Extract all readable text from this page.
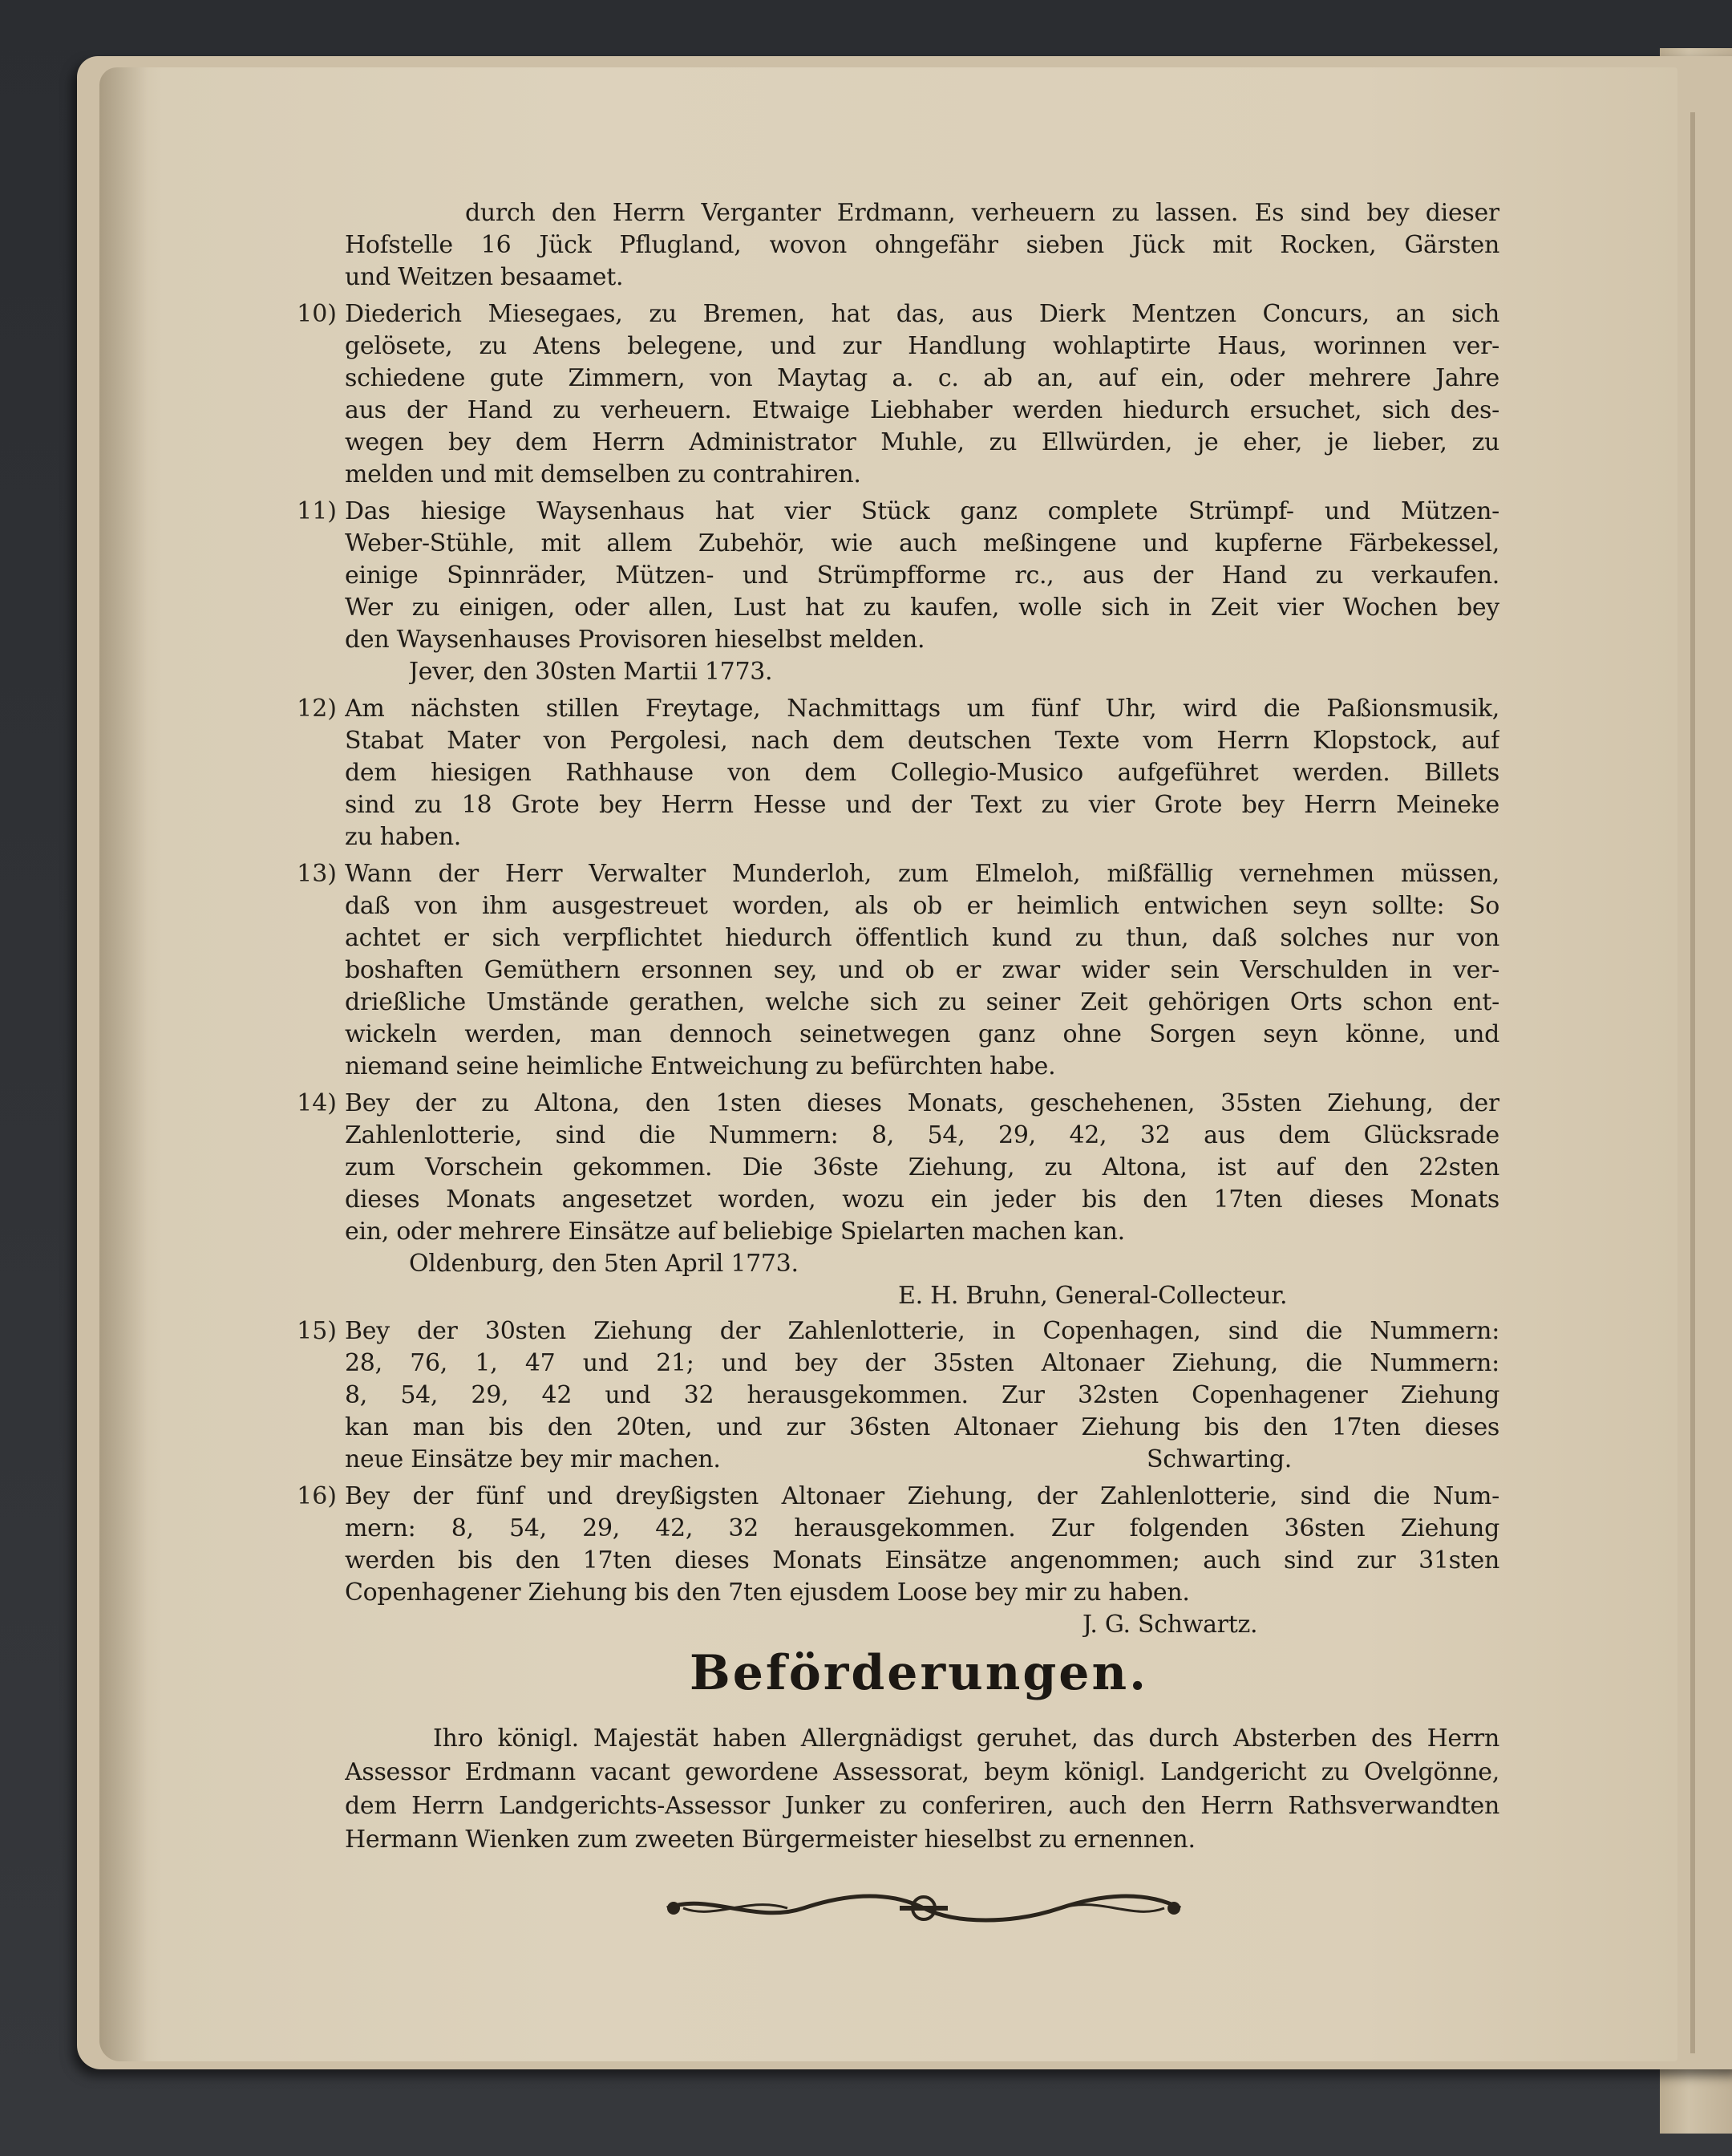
durch den Herrn Verganter Erdmann, verheuern zu lassen. Es sind bey dieser
Hofstelle 16 Jück Pflugland, wovon ohngefähr sieben Jück mit Rocken, Gärsten
und Weitzen besaamet.
10) Diederich Miesegaes, zu Bremen, hat das, aus Dierk Mentzen Concurs, an sich
gelösete, zu Atens belegene, und zur Handlung wohlaptirte Haus, worinnen ver-
schiedene gute Zimmern, von Maytag a. c. ab an, auf ein, oder mehrere Jahre
aus der Hand zu verheuern. Etwaige Liebhaber werden hiedurch ersuchet, sich des-
wegen bey dem Herrn Administrator Muhle, zu Ellwürden, je eher, je lieber, zu
melden und mit demselben zu contrahiren.
11) Das hiesige Waysenhaus hat vier Stück ganz complete Strümpf- und Mützen-
Weber-Stühle, mit allem Zubehör, wie auch meßingene und kupferne Färbekessel,
einige Spinnräder, Mützen- und Strümpfforme rc., aus der Hand zu verkaufen.
Wer zu einigen, oder allen, Lust hat zu kaufen, wolle sich in Zeit vier Wochen bey
den Waysenhauses Provisoren hieselbst melden.
Jever, den 30sten Martii 1773.
12) Am nächsten stillen Freytage, Nachmittags um fünf Uhr, wird die Paßionsmusik,
Stabat Mater von Pergolesi, nach dem deutschen Texte vom Herrn Klopstock, auf
dem hiesigen Rathhause von dem Collegio-Musico aufgeführet werden. Billets
sind zu 18 Grote bey Herrn Hesse und der Text zu vier Grote bey Herrn Meineke
zu haben.
13) Wann der Herr Verwalter Munderloh, zum Elmeloh, mißfällig vernehmen müssen,
daß von ihm ausgestreuet worden, als ob er heimlich entwichen seyn sollte: So
achtet er sich verpflichtet hiedurch öffentlich kund zu thun, daß solches nur von
boshaften Gemüthern ersonnen sey, und ob er zwar wider sein Verschulden in ver-
drießliche Umstände gerathen, welche sich zu seiner Zeit gehörigen Orts schon ent-
wickeln werden, man dennoch seinetwegen ganz ohne Sorgen seyn könne, und
niemand seine heimliche Entweichung zu befürchten habe.
14) Bey der zu Altona, den 1sten dieses Monats, geschehenen, 35sten Ziehung, der
Zahlenlotterie, sind die Nummern: 8, 54, 29, 42, 32 aus dem Glücksrade
zum Vorschein gekommen. Die 36ste Ziehung, zu Altona, ist auf den 22sten
dieses Monats angesetzet worden, wozu ein jeder bis den 17ten dieses Monats
ein, oder mehrere Einsätze auf beliebige Spielarten machen kan.
Oldenburg, den 5ten April 1773.
E. H. Bruhn, General-Collecteur.
15) Bey der 30sten Ziehung der Zahlenlotterie, in Copenhagen, sind die Nummern:
28, 76, 1, 47 und 21; und bey der 35sten Altonaer Ziehung, die Nummern:
8, 54, 29, 42 und 32 herausgekommen. Zur 32sten Copenhagener Ziehung
kan man bis den 20ten, und zur 36sten Altonaer Ziehung bis den 17ten dieses
neue Einsätze bey mir machen.	Schwarting.
16) Bey der fünf und dreyßigsten Altonaer Ziehung, der Zahlenlotterie, sind die Num-
mern: 8, 54, 29, 42, 32 herausgekommen. Zur folgenden 36sten Ziehung
werden bis den 17ten dieses Monats Einsätze angenommen; auch sind zur 31sten
Copenhagener Ziehung bis den 7ten ejusdem Loose bey mir zu haben.
J. G. Schwartz.
Beförderungen.
Ihro königl. Majestät haben Allergnädigst geruhet, das durch Absterben des Herrn
Assessor Erdmann vacant gewordene Assessorat, beym königl. Landgericht zu Ovelgönne,
dem Herrn Landgerichts-Assessor Junker zu conferiren, auch den Herrn Rathsverwandten
Hermann Wienken zum zweeten Bürgermeister hieselbst zu ernennen.
